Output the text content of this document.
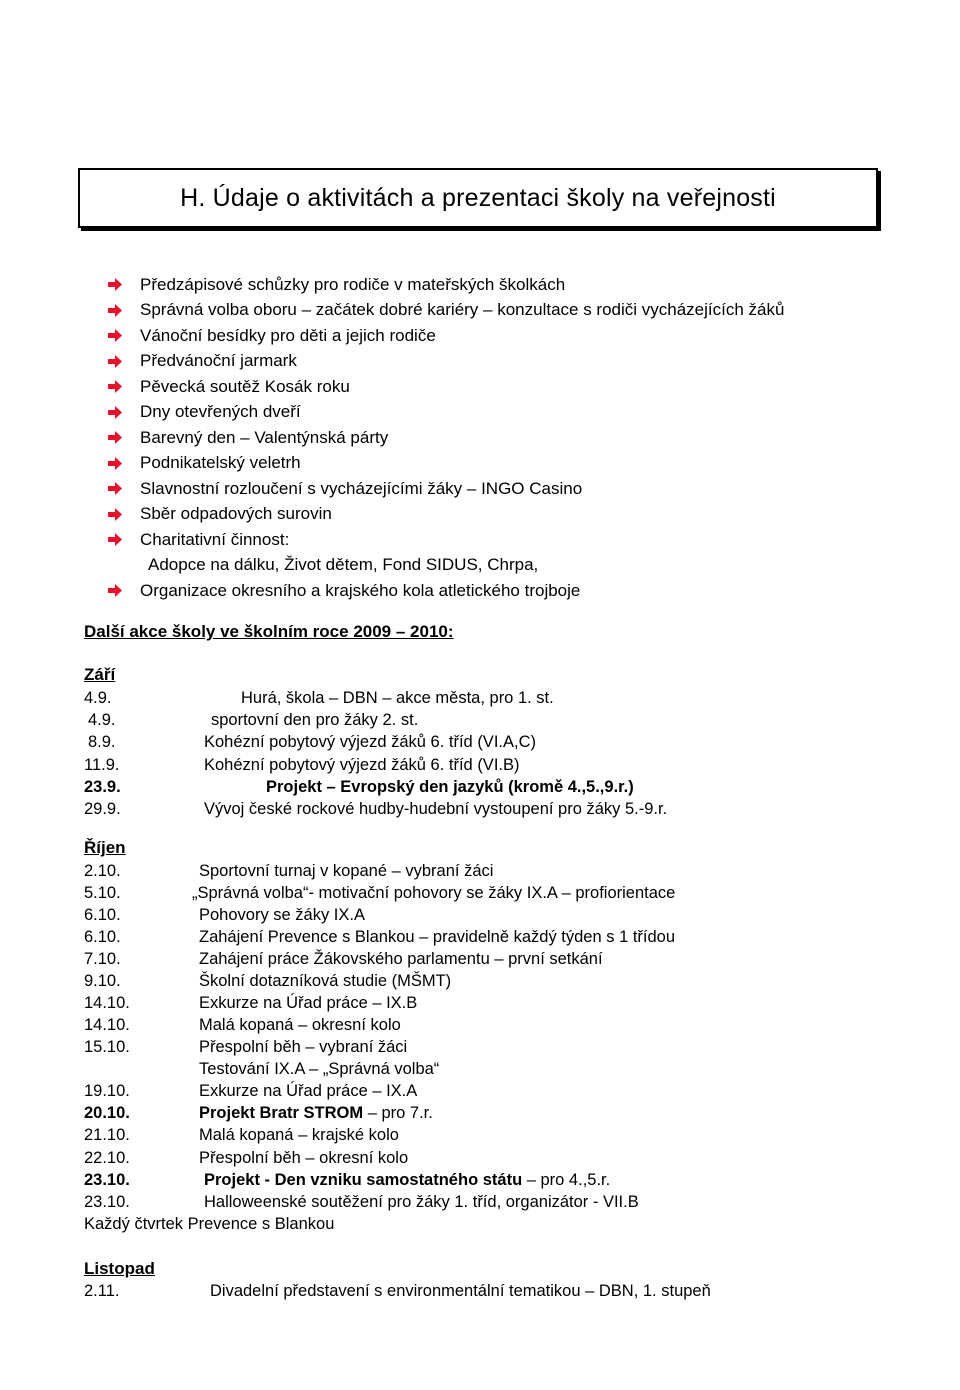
H. Údaje o aktivitách a prezentaci školy na veřejnosti
Předzápisové schůzky pro rodiče v mateřských školkách
Správná volba oboru – začátek dobré kariéry – konzultace s rodiči vycházejících žáků
Vánoční besídky pro děti a jejich rodiče
Předvánoční jarmark
Pěvecká soutěž Kosák roku
Dny otevřených dveří
Barevný den – Valentýnská párty
Podnikatelský veletrh
Slavnostní rozloučení s vycházejícími žáky – INGO Casino
Sběr odpadových surovin
Charitativní činnost:
Adopce na dálku, Život dětem, Fond SIDUS, Chrpa,
Organizace okresního a krajského kola atletického trojboje
Další akce školy ve školním roce 2009 – 2010:
Září
4.9.	Hurá, škola – DBN – akce města, pro 1. st.
4.9.	sportovní den pro žáky 2. st.
8.9.	Kohézní pobytový výjezd žáků 6. tříd (VI.A,C)
11.9.	Kohézní pobytový výjezd žáků 6. tříd (VI.B)
23.9.	Projekt – Evropský den jazyků (kromě 4.,5.,9.r.)
29.9.	Vývoj české rockové hudby-hudební vystoupení pro žáky 5.-9.r.
Říjen
2.10.	Sportovní turnaj v kopané – vybraní žáci
5.10.	„Správná volba“- motivační pohovory se žáky IX.A – profiorientace
6.10.	Pohovory se žáky IX.A
6.10.	Zahájení Prevence s Blankou – pravidelně každý týden s 1 třídou
7.10.	Zahájení práce Žákovského parlamentu – první setkání
9.10.	Školní dotazníková studie (MŠMT)
14.10.	Exkurze na Úřad práce – IX.B
14.10.	Malá kopaná – okresní kolo
15.10.	Přespolní běh – vybraní žáci
Testování IX.A – „Správná volba“
19.10.	Exkurze na Úřad práce – IX.A
20.10.	Projekt Bratr STROM – pro 7.r.
21.10.	Malá kopaná – krajské kolo
22.10.	Přespolní běh – okresní kolo
23.10.	Projekt - Den vzniku samostatného státu – pro 4.,5.r.
23.10.	Halloweenské soutěžení pro žáky 1. tříd, organizátor - VII.B
Každý čtvrtek Prevence s Blankou
Listopad
2.11.	Divadelní představení s environmentální tematikou – DBN, 1. stupeň
